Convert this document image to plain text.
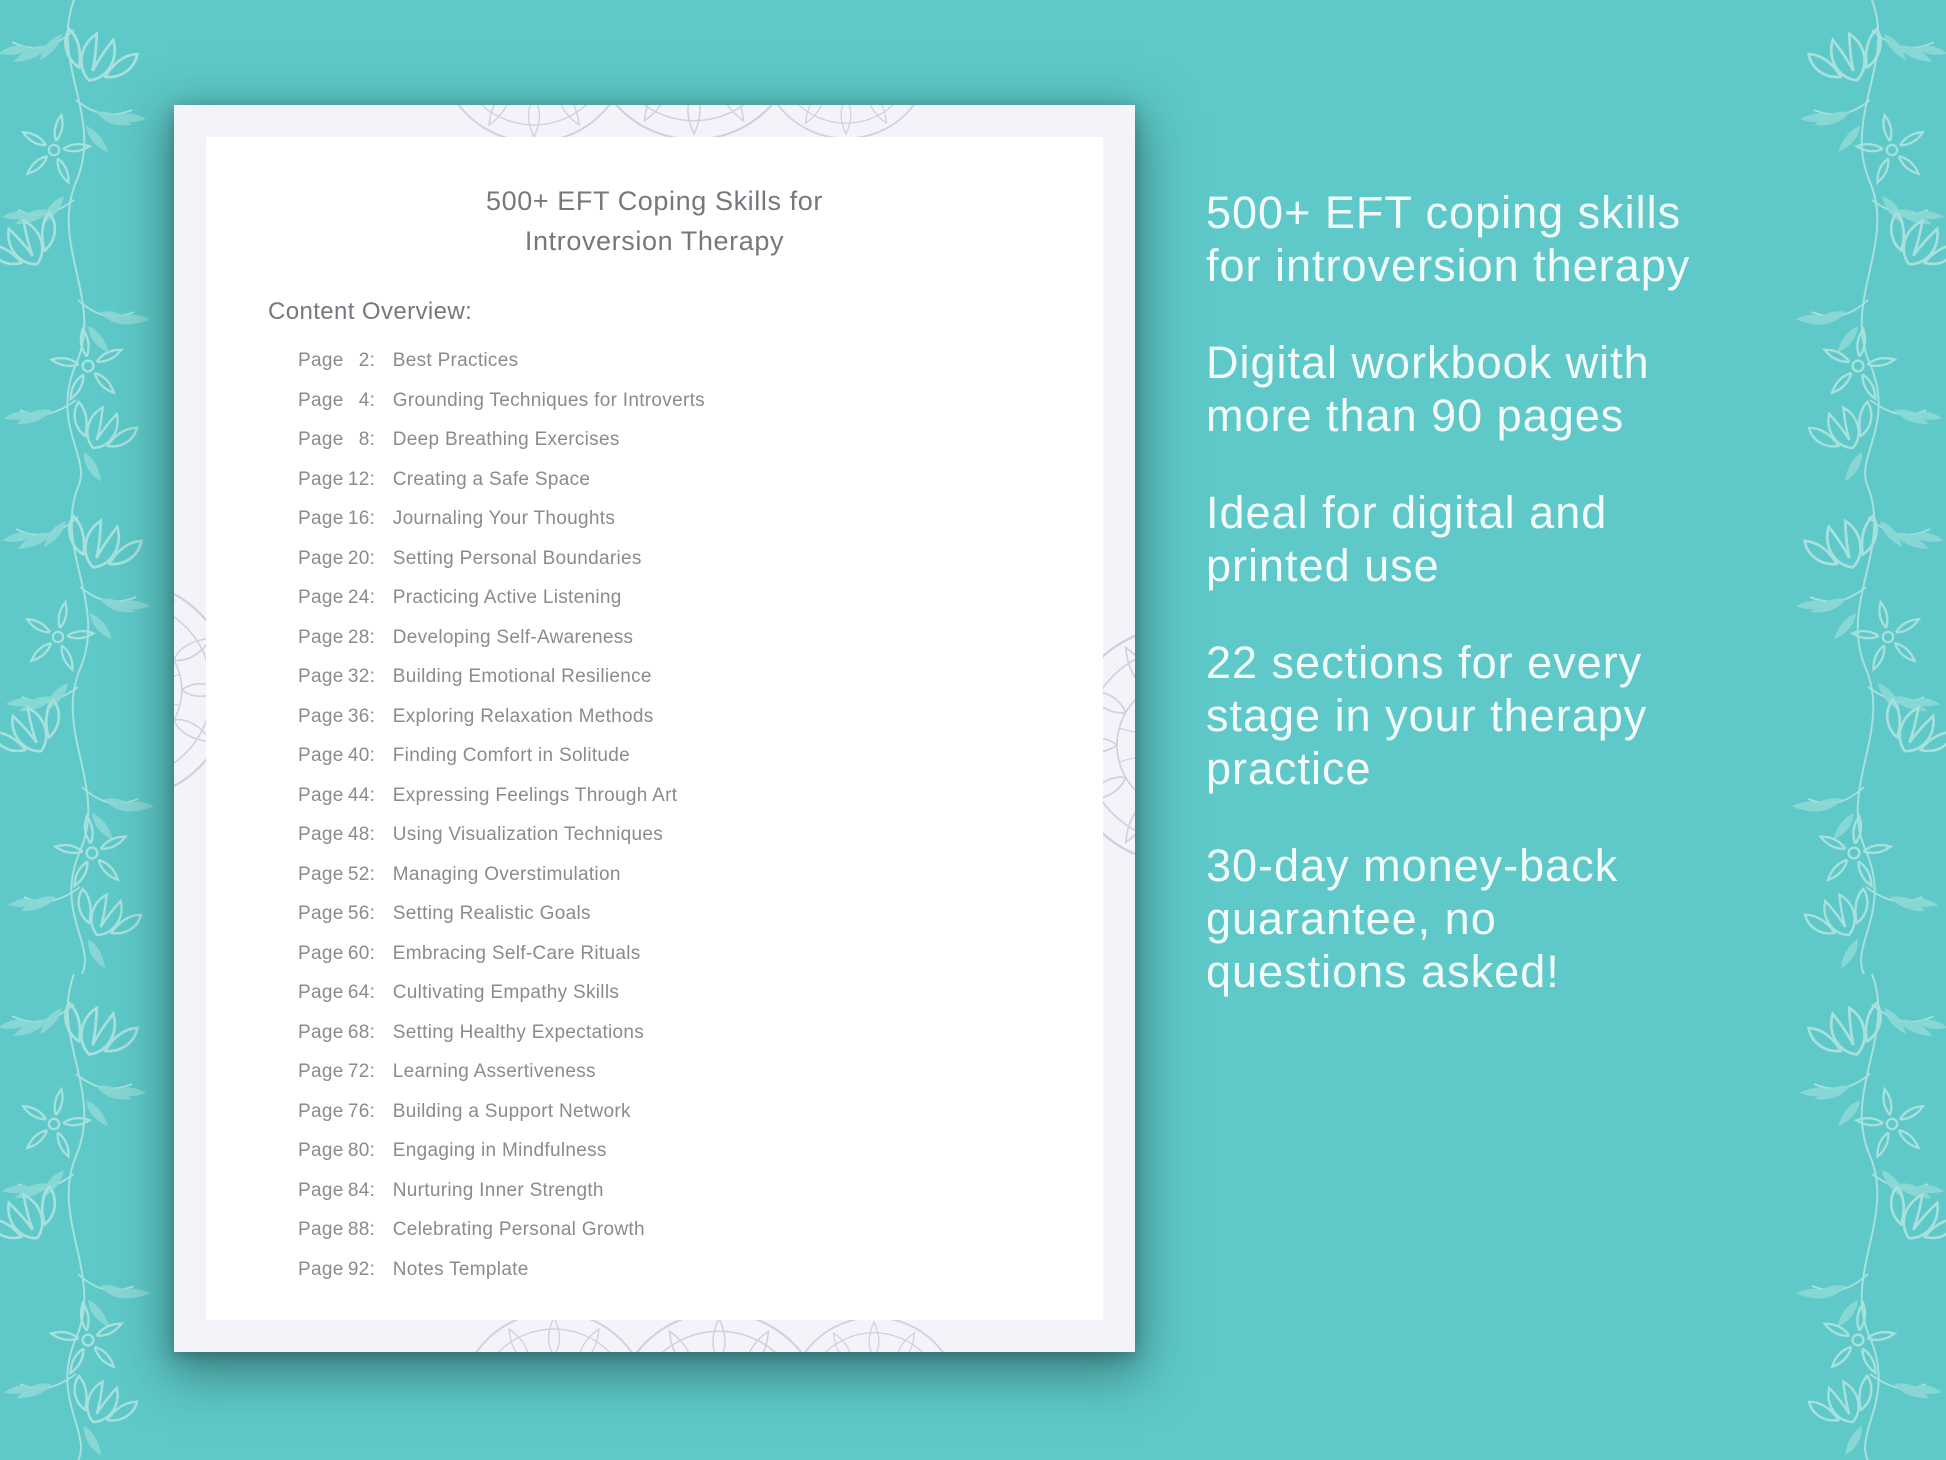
500+ EFT Coping Skills for
Introversion Therapy
Content Overview:
Page 2: Best Practices
Page 4: Grounding Techniques for Introverts
Page 8: Deep Breathing Exercises
Page 12: Creating a Safe Space
Page 16: Journaling Your Thoughts
Page 20: Setting Personal Boundaries
Page 24: Practicing Active Listening
Page 28: Developing Self-Awareness
Page 32: Building Emotional Resilience
Page 36: Exploring Relaxation Methods
Page 40: Finding Comfort in Solitude
Page 44: Expressing Feelings Through Art
Page 48: Using Visualization Techniques
Page 52: Managing Overstimulation
Page 56: Setting Realistic Goals
Page 60: Embracing Self-Care Rituals
Page 64: Cultivating Empathy Skills
Page 68: Setting Healthy Expectations
Page 72: Learning Assertiveness
Page 76: Building a Support Network
Page 80: Engaging in Mindfulness
Page 84: Nurturing Inner Strength
Page 88: Celebrating Personal Growth
Page 92: Notes Template

500+ EFT coping skills
for introversion therapy

Digital workbook with
more than 90 pages

Ideal for digital and
printed use

22 sections for every
stage in your therapy
practice

30-day money-back
guarantee, no
questions asked!
